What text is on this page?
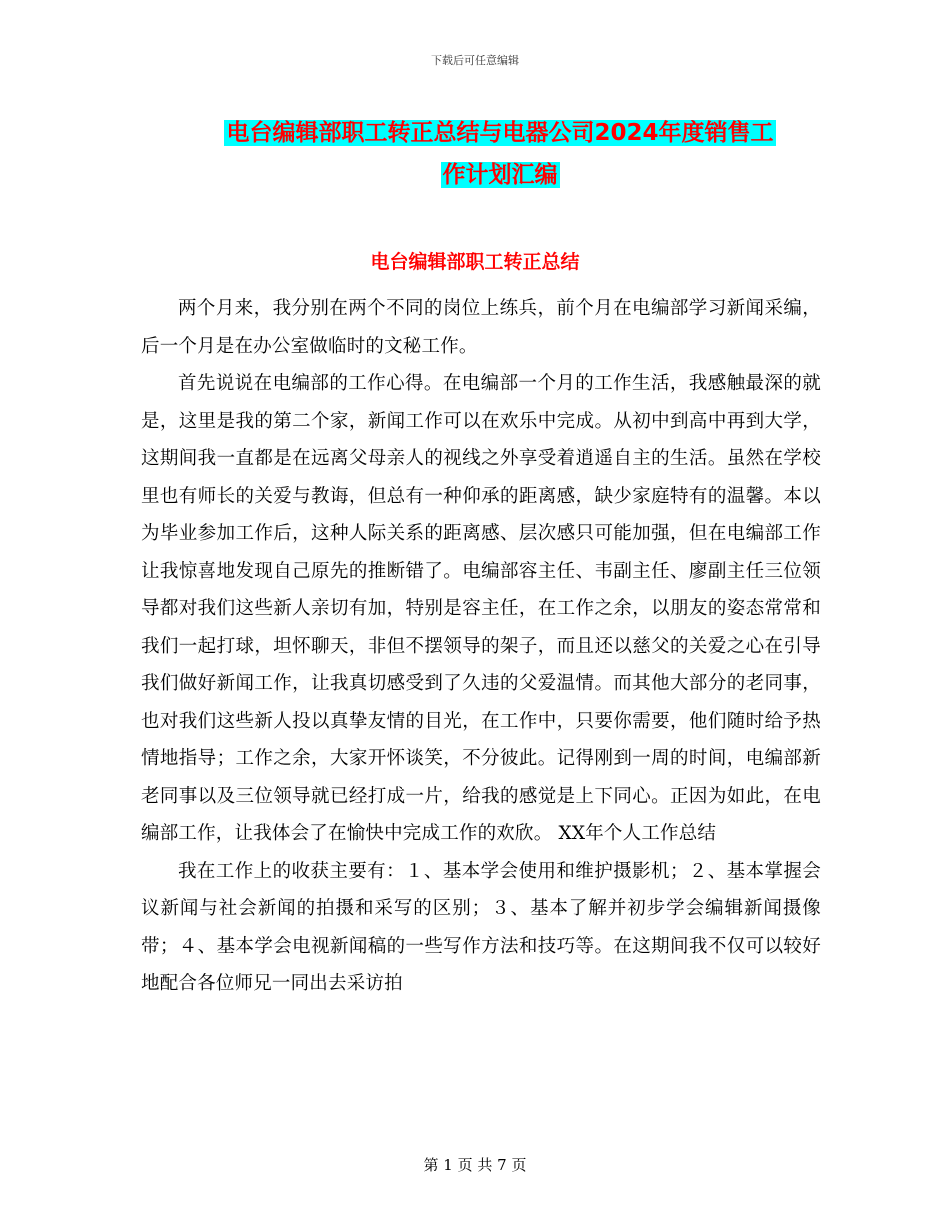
下载后可任意编辑
电台编辑部职工转正总结与电器公司2024年度销售工
作计划汇编
电台编辑部职工转正总结

两个月来，我分别在两个不同的岗位上练兵，前个月在电编部学习新闻采编，后一个月是在办公室做临时的文秘工作。

首先说说在电编部的工作心得。在电编部一个月的工作生活，我感触最深的就是，这里是我的第二个家，新闻工作可以在欢乐中完成。从初中到高中再到大学，这期间我一直都是在远离父母亲人的视线之外享受着逍遥自主的生活。虽然在学校里也有师长的关爱与教诲，但总有一种仰承的距离感，缺少家庭特有的温馨。本以为毕业参加工作后，这种人际关系的距离感、层次感只可能加强，但在电编部工作让我惊喜地发现自己原先的推断错了。电编部容主任、韦副主任、廖副主任三位领导都对我们这些新人亲切有加，特别是容主任，在工作之余，以朋友的姿态常常和我们一起打球，坦怀聊天，非但不摆领导的架子，而且还以慈父的关爱之心在引导我们做好新闻工作，让我真切感受到了久违的父爱温情。而其他大部分的老同事，也对我们这些新人投以真挚友情的目光，在工作中，只要你需要，他们随时给予热情地指导；工作之余，大家开怀谈笑，不分彼此。记得刚到一周的时间，电编部新老同事以及三位领导就已经打成一片，给我的感觉是上下同心。正因为如此，在电编部工作，让我体会了在愉快中完成工作的欢欣。 XX年个人工作总结

我在工作上的收获主要有：１、基本学会使用和维护摄影机；２、基本掌握会议新闻与社会新闻的拍摄和采写的区别；３、基本了解并初步学会编辑新闻摄像带；４、基本学会电视新闻稿的一些写作方法和技巧等。在这期间我不仅可以较好地配合各位师兄一同出去采访拍

第 1 页 共 7 页
